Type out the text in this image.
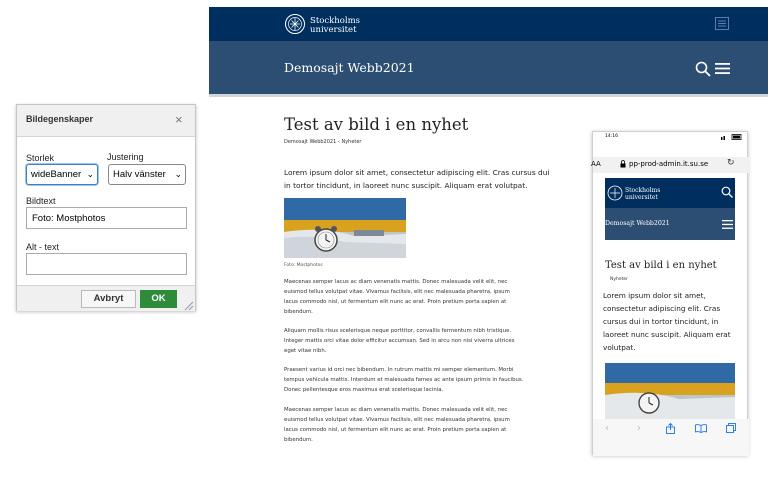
Bildegenskaper	×
Storlek
wideBanner ⌄
Justering
Halv vänster ⌄
Bildtext
Foto: Mostphotos
Alt - text
Avbryt	OK
Stockholms
universitet
Demosajt Webb2021
Test av bild i en nyhet
Demosajt Webb2021 ‹ Nyheter
Lorem ipsum dolor sit amet, consectetur adipiscing elit. Cras cursus dui
in tortor tincidunt, in laoreet nunc suscipit. Aliquam erat volutpat.
Foto: Mostphotos
Maecenas semper lacus ac diam venenatis mattis. Donec malesuada velit elit, nec
euismod tellus volutpat vitae. Vivamus facilisis, elit nec malesuada pharetra, ipsum
lacus commodo nisl, ut fermentum elit nunc ac erat. Proin pretium porta sapien at
bibendum.
Aliquam mollis risus scelerisque neque porttitor, convallis fermentum nibh tristique.
Integer mattis orci vitae dolor efficitur accumsan. Sed in arcu non nisi viverra ultrices
eget vitae nibh.
Praesent varius id orci nec bibendum. In rutrum mattis mi semper elementum. Morbi
tempus vehicula mattis. Interdum et malesuada fames ac ante ipsum primis in faucibus.
Donec pellentesque eros maximus erat scelerisque lacinia.
Maecenas semper lacus ac diam venenatis mattis. Donec malesuada velit elit, nec
euismod tellus volutpat vitae. Vivamus facilisis, elit nec malesuada pharetra, ipsum
lacus commodo nisl, ut fermentum elit nunc ac erat. Proin pretium porta sapien at
bibendum.
14:16
AA	pp-prod-admin.it.su.se ↻
Stockholms
universitet
Demosajt Webb2021
Test av bild i en nyhet
Nyheter
Lorem ipsum dolor sit amet,
consectetur adipiscing elit. Cras
cursus dui in tortor tincidunt, in
laoreet nunc suscipit. Aliquam erat
volutpat.
‹	›
